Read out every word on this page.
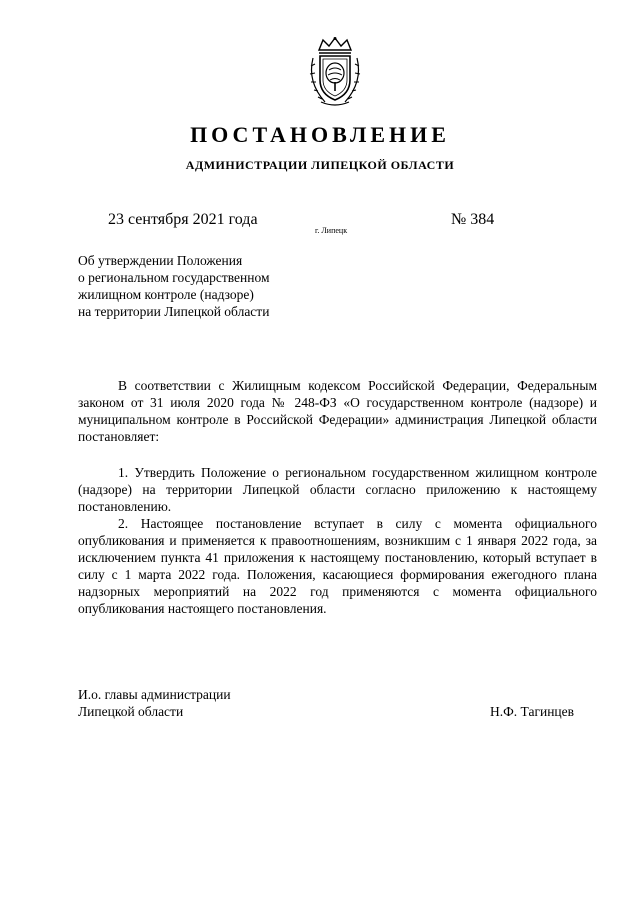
ПОСТАНОВЛЕНИЕ
АДМИНИСТРАЦИИ ЛИПЕЦКОЙ ОБЛАСТИ
23 сентября 2021 года
г. Липецк
№ 384
Об утверждении Положения
о региональном государственном
жилищном контроле (надзоре)
на территории Липецкой области

В соответствии с Жилищным кодексом Российской Федерации, Федеральным законом от 31 июля 2020 года № 248-ФЗ «О государственном контроле (надзоре) и муниципальном контроле в Российской Федерации» администрация Липецкой области постановляет:

1. Утвердить Положение о региональном государственном жилищном контроле (надзоре) на территории Липецкой области согласно приложению к настоящему постановлению.

2. Настоящее постановление вступает в силу с момента официального опубликования и применяется к правоотношениям, возникшим с 1 января 2022 года, за исключением пункта 41 приложения к настоящему постановлению, который вступает в силу с 1 марта 2022 года. Положения, касающиеся формирования ежегодного плана надзорных мероприятий на 2022 год применяются с момента официального опубликования настоящего постановления.

И.о. главы администрации
Липецкой области	Н.Ф. Тагинцев
